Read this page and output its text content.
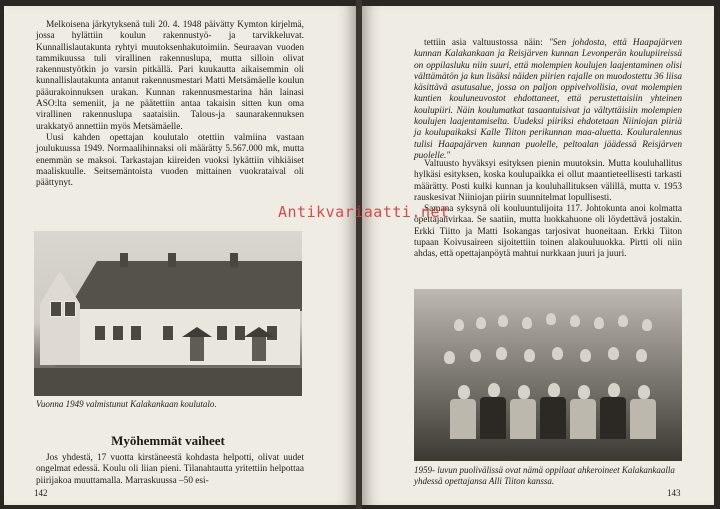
Melkoisena järkytyksenä tuli 20. 4. 1948 päivätty Kymton kirjelmä, jossa hylättiin koulun rakennustyö- ja tarvikkeluvat. Kunnallislautakunta ryhtyi muutoksenhakutoimiin. Seuraavan vuoden tammikuussa tuli virallinen rakennuslupa, mutta silloin olivat rakennustyötkin jo varsin pitkällä. Pari kuukautta aikaisemmin oli kunnallislautakunta antanut rakennusmestari Matti Metsämäelle koulun pääurakoinnuksen urakan. Kunnan rakennusmestarina hän lainasi ASO:lta semeniit, ja ne päätettiin antaa takaisin sitten kun oma virallinen rakennuslupa saataisiin. Talous-ja saunarakennuksen urakkatyö annettiin myös Metsämäelle.

Uusi kahden opettajan koulutalo otettiin valmiina vastaan joulukuussa 1949. Normaalihinnaksi oli määrätty 5.567.000 mk, mutta enemmän se maksoi. Tarkastajan kiireiden vuoksi lykättiin vihkiäiset maaliskuulle. Seitsemäntoista vuoden mittainen vuokrataival oli päättynyt.

Vuonna 1949 valmistunut Kalakankaan koulutalo.
Myöhemmät vaiheet

Jos yhdestä, 17 vuotta kirstäneestä kohdasta helpotti, olivat uudet ongelmat edessä. Koulu oli liian pieni. Tilanahtautta yritettiin helpottaa piirijakoa muuttamalla. Marraskuussa –50 esi-

142

tettiin asia valtuustossa näin: "Sen johdosta, että Haapajärven kunnan Kalakankaan ja Reisjärven kunnan Levonperän koulupiireissä on oppilasluku niin suuri, että molempien koulujen laajentaminen olisi välttämätön ja kun lisäksi näiden piirien rajalle on muodostettu 36 liisa käsittävä asutusalue, jossa on paljon oppivelvollisia, ovat molempien kuntien kouluneuvostot ehdottaneet, että perustettaisiin yhteinen koulupiiri. Näin koulumatkat tasaantuisivat ja vältyttäisiin molempien koulujen laajentamiselta. Uudeksi piiriksi ehdotetaan Niiniojan piiriä ja koulupaikaksi Kalle Tiiton perikunnan maa-aluetta. Kouluralennus tulisi Haapajärven kunnan puolelle, peltoalan jäädessä Reisjärven puolelle."

Valtuusto hyväksyi esityksen pienin muutoksin. Mutta kouluhallitus hylkäsi esityksen, koska koulupaikka ei ollut maantieteellisesti tarkasti määrätty. Posti kulki kunnan ja kouluhallituksen välillä, mutta v. 1953 rauskesivat Niiniojan piirin suunnitelmat lopullisesti.

Samana syksynä oli kouluuntulijoita 117. Johtokunta anoi kolmatta opettajanvirkaa. Se saatiin, mutta luokkahuone oli löydettävä jostakin. Erkki Tiitto ja Matti Isokangas tarjosivat huoneitaan. Erkki Tiiton tupaan Koivusaireen sijoitettiin toinen alakouluuokka. Pirtti oli niin ahdas, että opettajanpöytä mahtui nurkkaan juuri ja juuri.

1959- luvun puolivälissä ovat nämä oppilaat ahkeroineet Kalakankaalla yhdessä opettajansa Alli Tiiton kanssa.
143
Antikvariaatti.net
